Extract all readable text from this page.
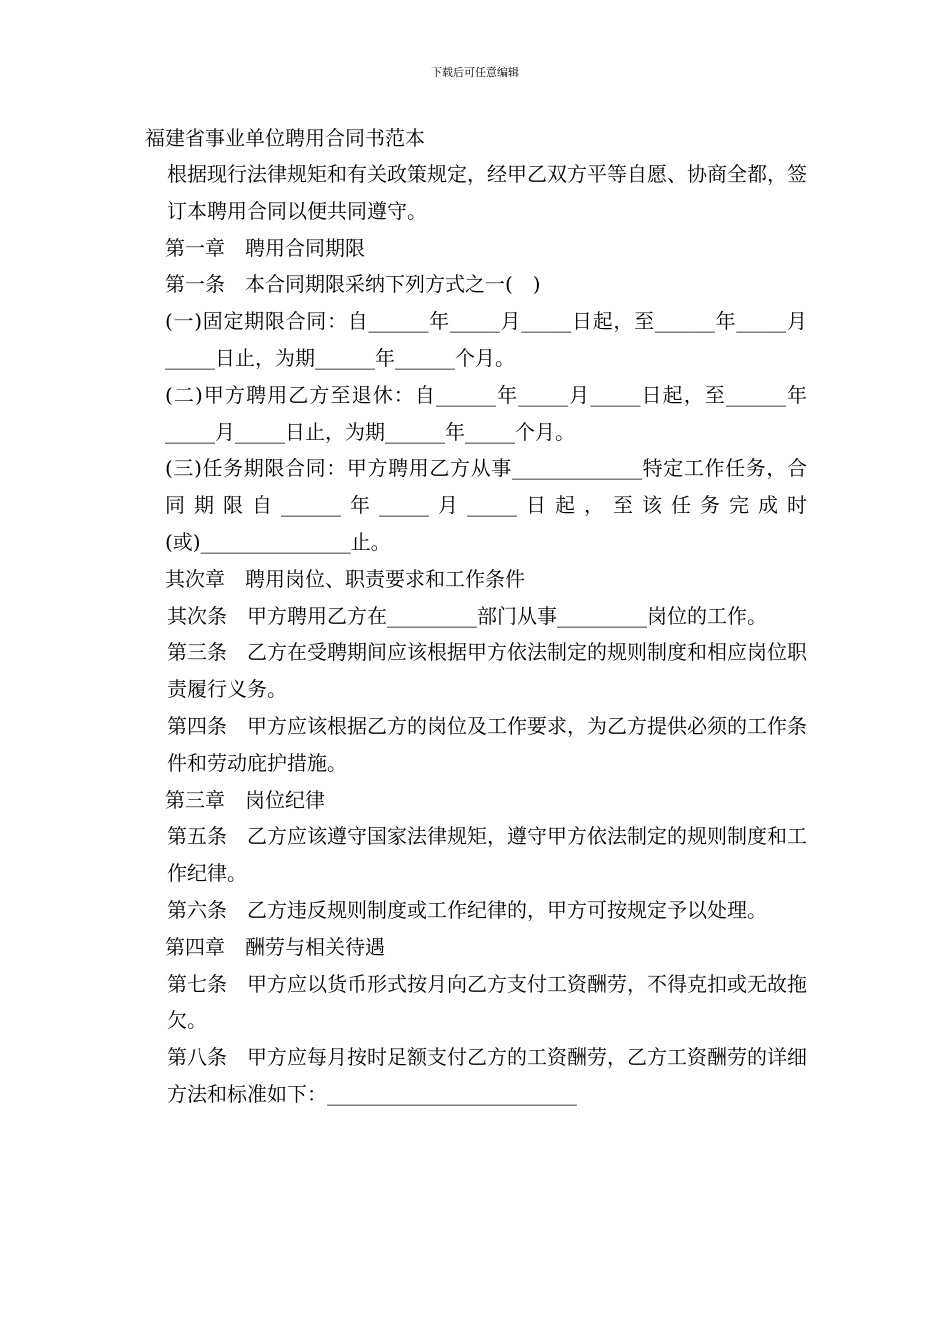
下载后可任意编辑
福建省事业单位聘用合同书范本

根据现行法律规矩和有关政策规定，经甲乙双方平等自愿、协商全都，签订本聘用合同以便共同遵守。

第一章　聘用合同期限

第一条　本合同期限采纳下列方式之一(　)

(一)固定期限合同：自______年_____月_____日起，至______年_____月_____日止，为期______年______个月。

(二)甲方聘用乙方至退休：自______年_____月_____日起，至______年_____月_____日止，为期______年_____个月。

(三)任务期限合同：甲方聘用乙方从事_____________特定工作任务，合同期限自______年_____月_____日起，至该任务完成时(或)_______________止。

其次章　聘用岗位、职责要求和工作条件

其次条　甲方聘用乙方在_________部门从事_________岗位的工作。

第三条　乙方在受聘期间应该根据甲方依法制定的规则制度和相应岗位职责履行义务。

第四条　甲方应该根据乙方的岗位及工作要求，为乙方提供必须的工作条件和劳动庇护措施。

第三章　岗位纪律

第五条　乙方应该遵守国家法律规矩，遵守甲方依法制定的规则制度和工作纪律。

第六条　乙方违反规则制度或工作纪律的，甲方可按规定予以处理。

第四章　酬劳与相关待遇

第七条　甲方应以货币形式按月向乙方支付工资酬劳，不得克扣或无故拖欠。

第八条　甲方应每月按时足额支付乙方的工资酬劳，乙方工资酬劳的详细方法和标准如下：_________________________
